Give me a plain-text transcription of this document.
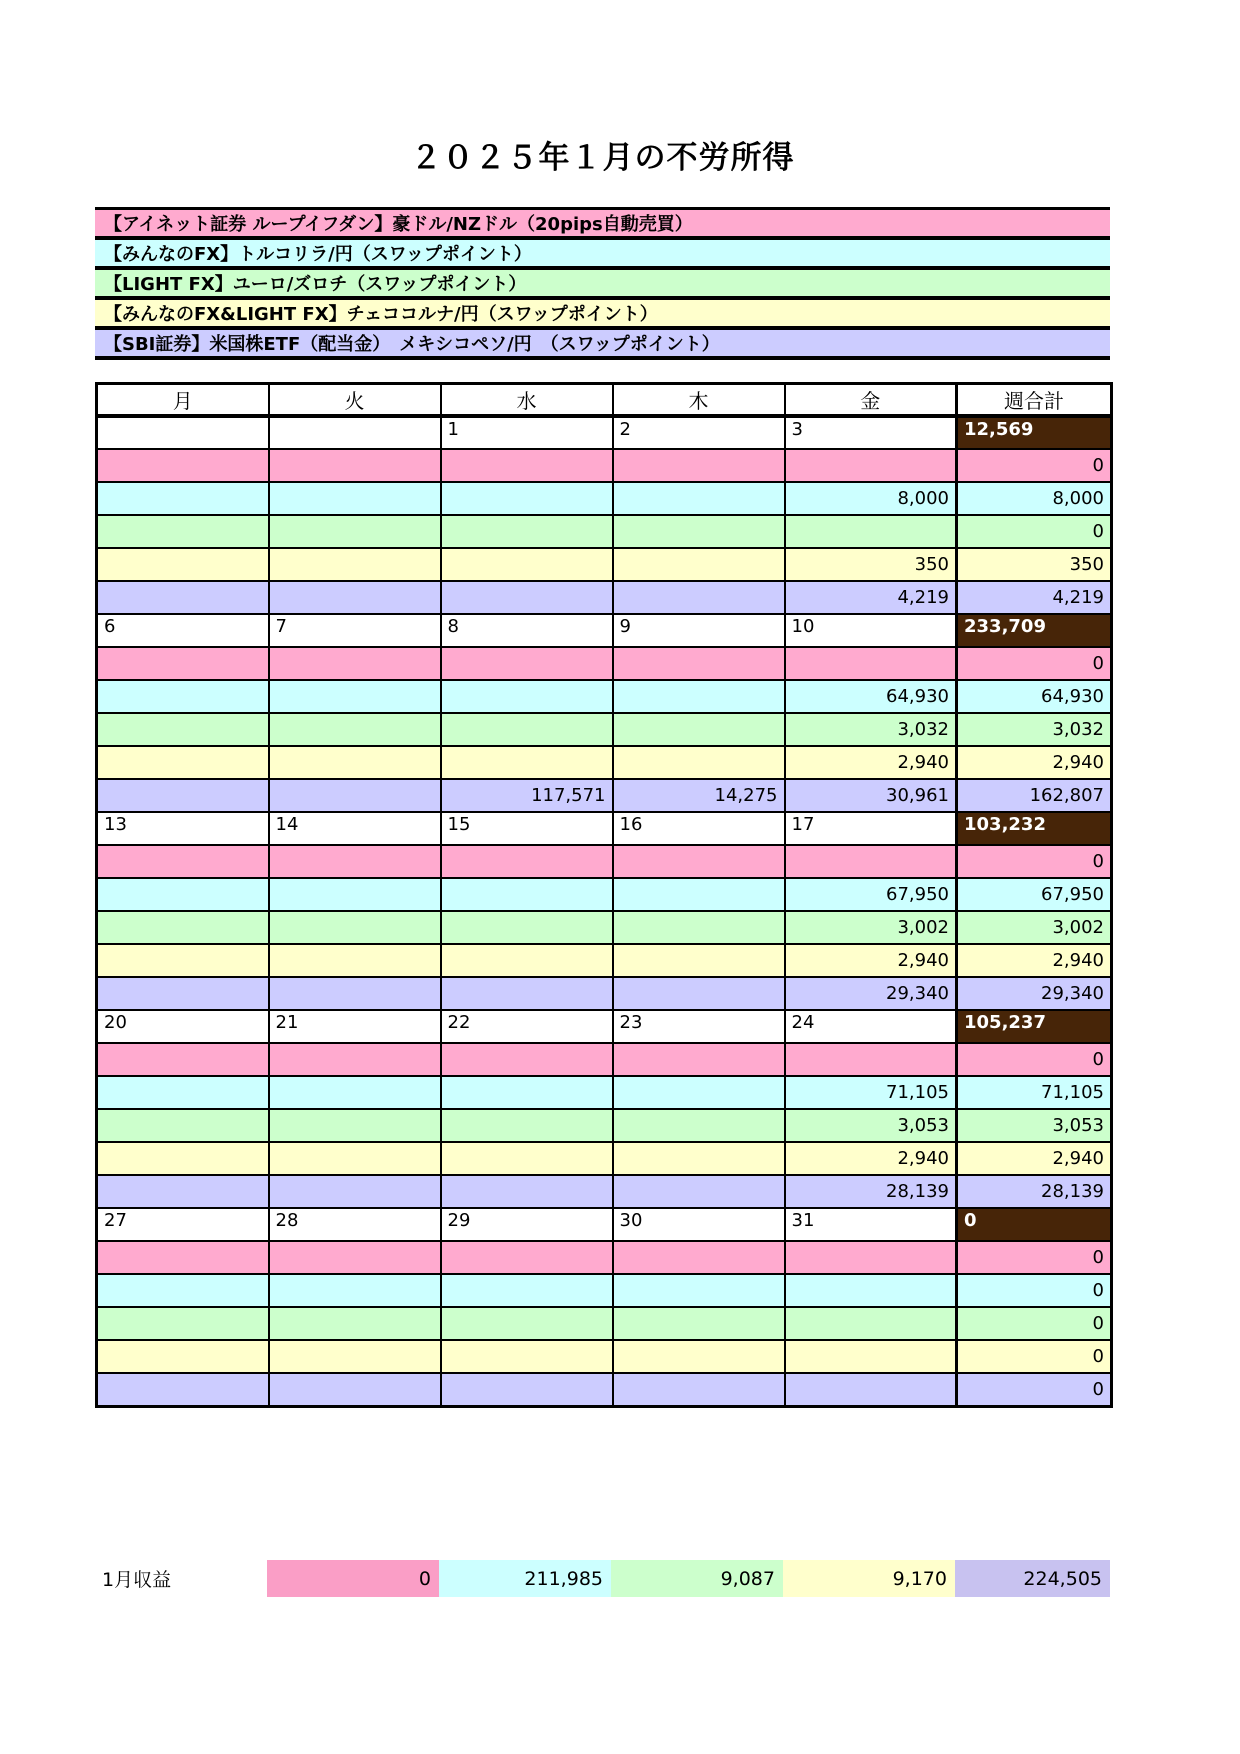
２０２５年１月の不労所得
【アイネット証券 ループイフダン】豪ドル/NZドル（20pips自動売買）
【みんなのFX】トルコリラ/円（スワップポイント）
【LIGHT FX】ユーロ/ズロチ（スワップポイント）
【みんなのFX&LIGHT FX】チェココルナ/円（スワップポイント）
【SBI証券】米国株ETF（配当金）　メキシコペソ/円　（スワップポイント）
月	火	水	木	金	週合計
		1	2	3	12,569
					0
				8,000	8,000
					0
				350	350
				4,219	4,219
6	7	8	9	10	233,709
					0
				64,930	64,930
				3,032	3,032
				2,940	2,940
		117,571	14,275	30,961	162,807
13	14	15	16	17	103,232
					0
				67,950	67,950
				3,002	3,002
				2,940	2,940
				29,340	29,340
20	21	22	23	24	105,237
					0
				71,105	71,105
				3,053	3,053
				2,940	2,940
				28,139	28,139
27	28	29	30	31	0
					0
					0
					0
					0
					0
1月収益	0	211,985	9,087	9,170	224,505
